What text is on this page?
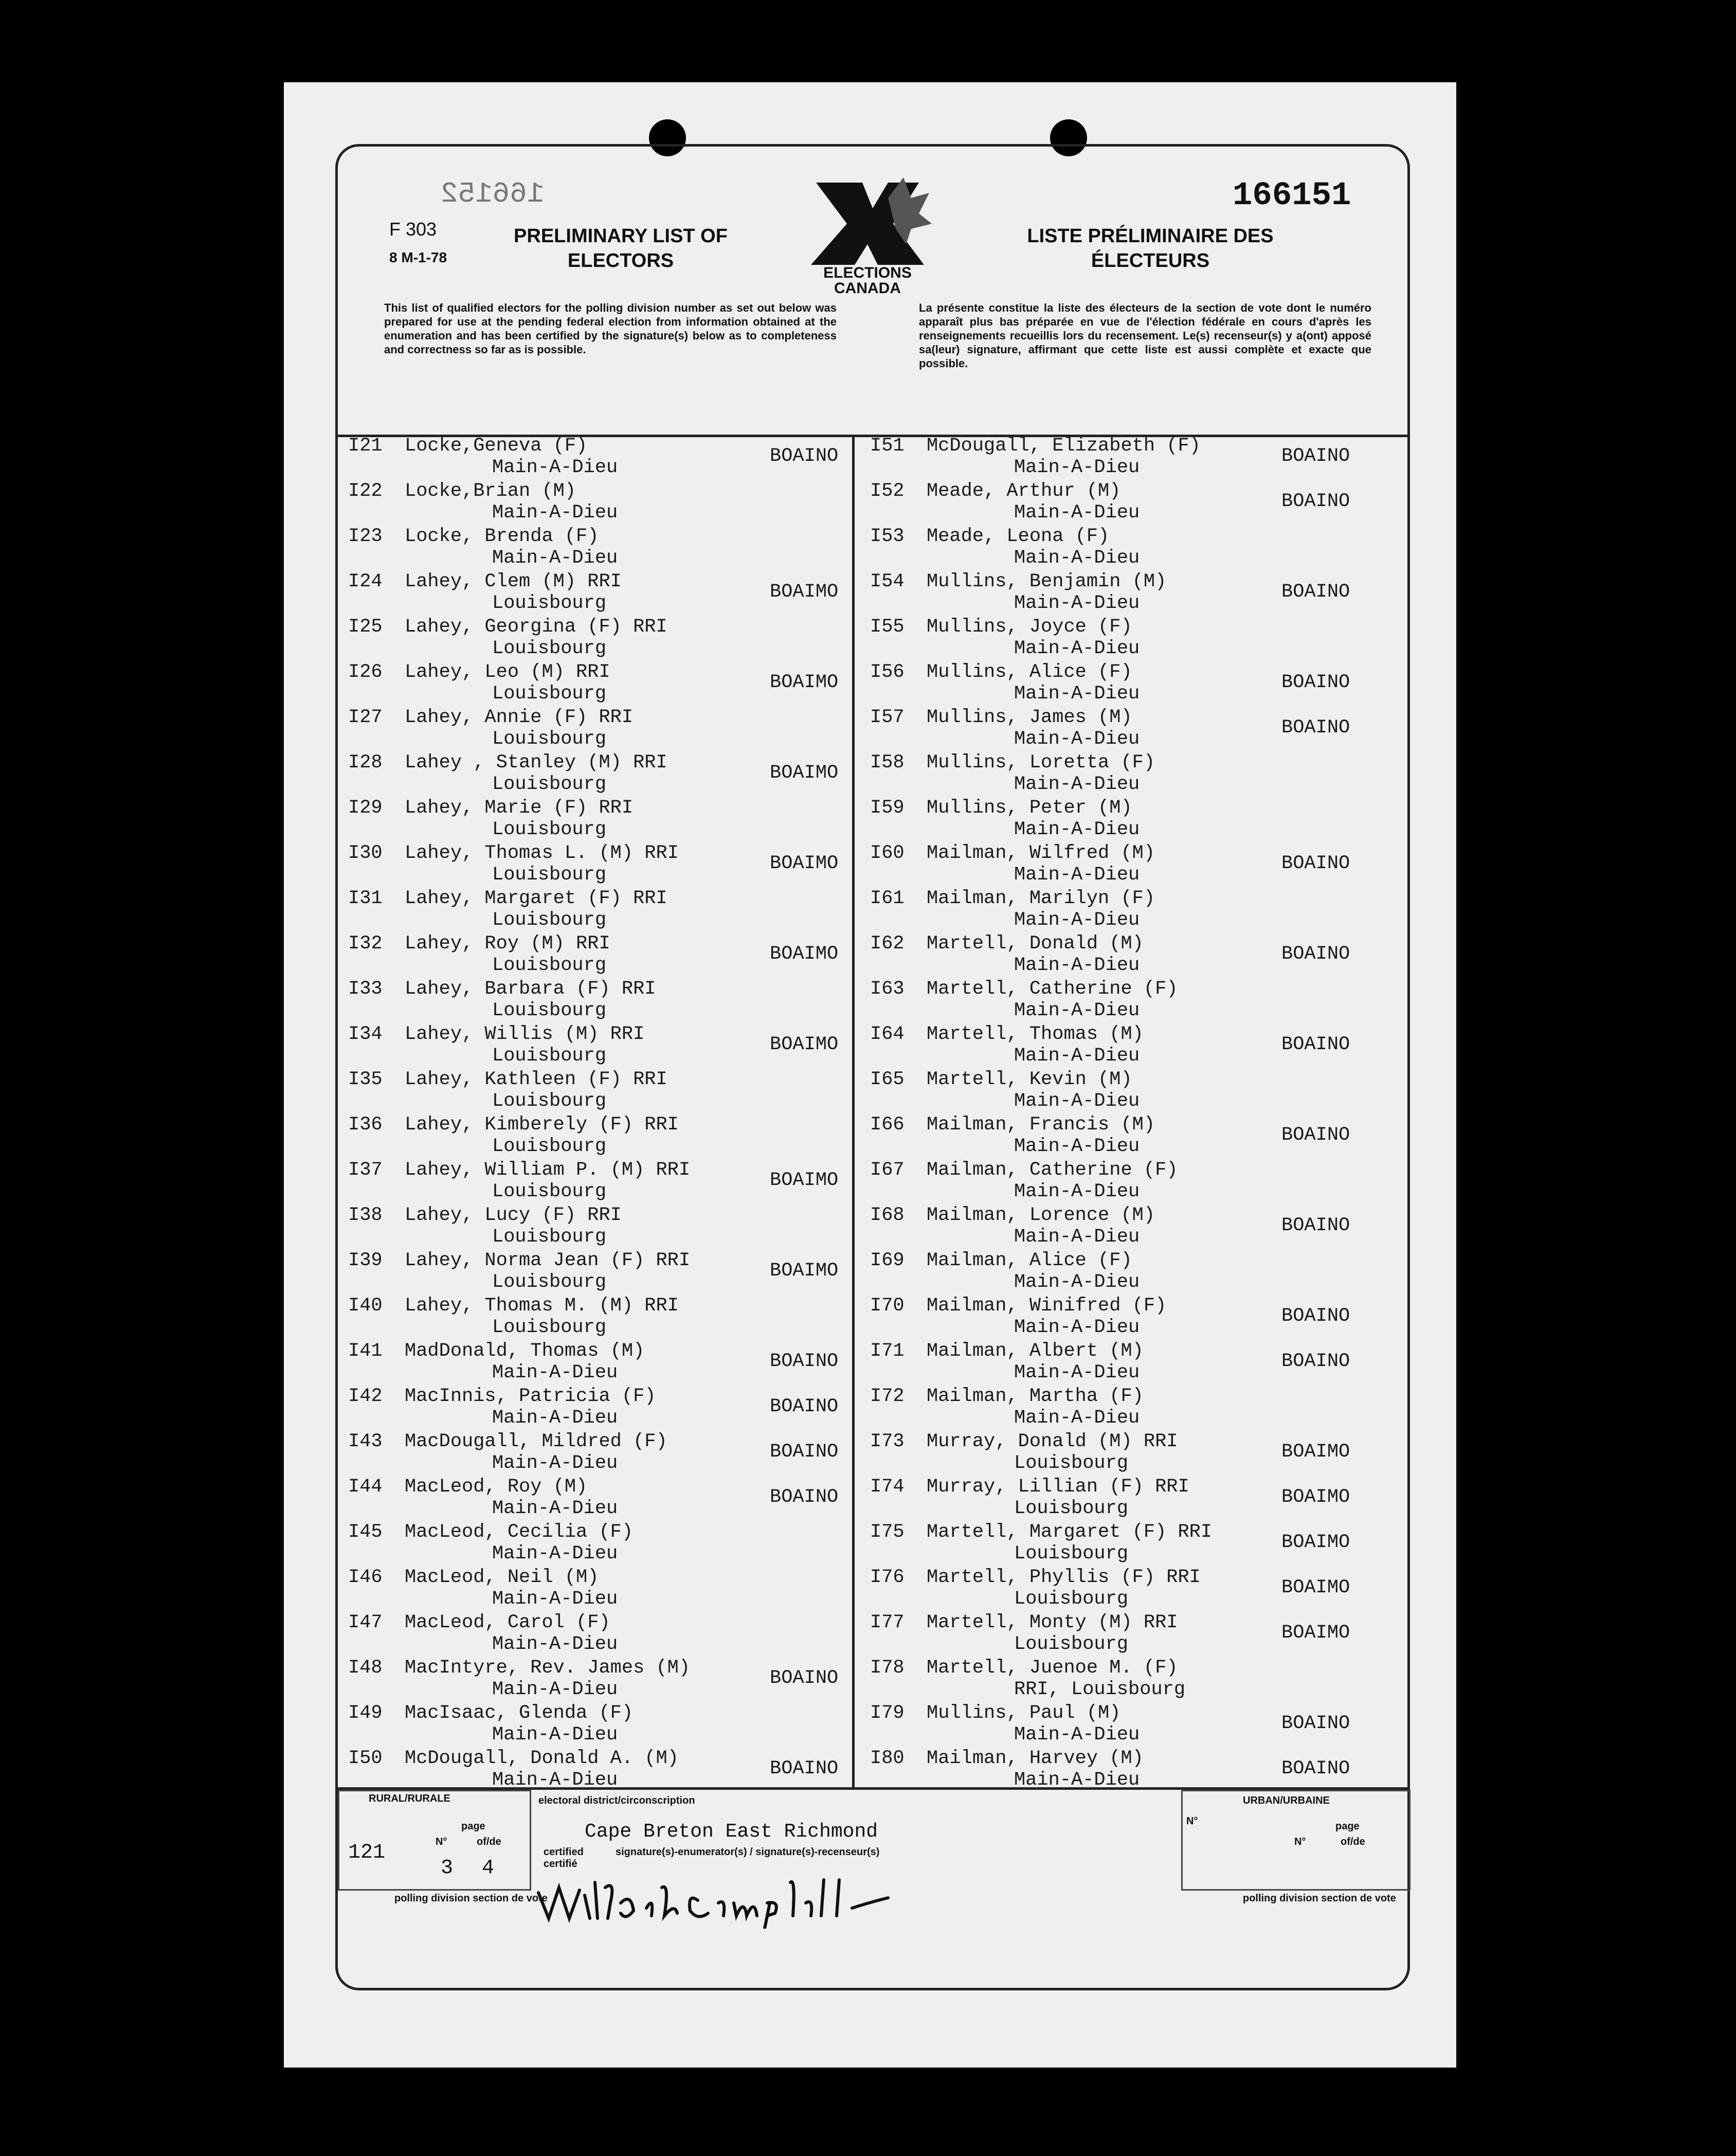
166152
F 303
8 M-1-78
PRELIMINARY LIST OF ELECTORS
ELECTIONS
CANADA
LISTE PRÉLIMINAIRE DES ÉLECTEURS
166151
This list of qualified electors for the polling division number as set out below was prepared for use at the pending federal election from information obtained at the enumeration and has been certified by the signature(s) below as to completeness and correctness so far as is possible.
La présente constitue la liste des électeurs de la section de vote dont le numéro apparaît plus bas préparée en vue de l'élection fédérale en cours d'après les renseignements recueillis lors du recensement. Le(s) recenseur(s) y a(ont) apposé sa(leur) signature, affirmant que cette liste est aussi complète et exacte que possible.
I21 Locke,Geneva (F)
Main-A-Dieu
BOAINO
I22 Locke,Brian (M)
Main-A-Dieu
I23 Locke, Brenda (F)
Main-A-Dieu
I24 Lahey, Clem (M) RRI
Louisbourg
BOAIMO
I25 Lahey, Georgina (F) RRI
Louisbourg
I26 Lahey, Leo (M) RRI
Louisbourg
BOAIMO
I27 Lahey, Annie (F) RRI
Louisbourg
I28 Lahey , Stanley (M) RRI
Louisbourg
BOAIMO
I29 Lahey, Marie (F) RRI
Louisbourg
I30 Lahey, Thomas L. (M) RRI
Louisbourg
BOAIMO
I31 Lahey, Margaret (F) RRI
Louisbourg
I32 Lahey, Roy (M) RRI
Louisbourg
BOAIMO
I33 Lahey, Barbara (F) RRI
Louisbourg
I34 Lahey, Willis (M) RRI
Louisbourg
BOAIMO
I35 Lahey, Kathleen (F) RRI
Louisbourg
I36 Lahey, Kimberely (F) RRI
Louisbourg
I37 Lahey, William P. (M) RRI
Louisbourg
BOAIMO
I38 Lahey, Lucy (F) RRI
Louisbourg
I39 Lahey, Norma Jean (F) RRI
Louisbourg
BOAIMO
I40 Lahey, Thomas M. (M) RRI
Louisbourg
I41 MadDonald, Thomas (M)
Main-A-Dieu
BOAINO
I42 MacInnis, Patricia (F)
Main-A-Dieu
BOAINO
I43 MacDougall, Mildred (F)
Main-A-Dieu
BOAINO
I44 MacLeod, Roy (M)
Main-A-Dieu
BOAINO
I45 MacLeod, Cecilia (F)
Main-A-Dieu
I46 MacLeod, Neil (M)
Main-A-Dieu
I47 MacLeod, Carol (F)
Main-A-Dieu
I48 MacIntyre, Rev. James (M)
Main-A-Dieu
BOAINO
I49 MacIsaac, Glenda (F)
Main-A-Dieu
I50 McDougall, Donald A. (M)
Main-A-Dieu
BOAINO
I51 McDougall, Elizabeth (F)
Main-A-Dieu
BOAINO
I52 Meade, Arthur (M)
Main-A-Dieu
BOAINO
I53 Meade, Leona (F)
Main-A-Dieu
I54 Mullins, Benjamin (M)
Main-A-Dieu
BOAINO
I55 Mullins, Joyce (F)
Main-A-Dieu
I56 Mullins, Alice (F)
Main-A-Dieu
BOAINO
I57 Mullins, James (M)
Main-A-Dieu
BOAINO
I58 Mullins, Loretta (F)
Main-A-Dieu
I59 Mullins, Peter (M)
Main-A-Dieu
I60 Mailman, Wilfred (M)
Main-A-Dieu
BOAINO
I61 Mailman, Marilyn (F)
Main-A-Dieu
I62 Martell, Donald (M)
Main-A-Dieu
BOAINO
I63 Martell, Catherine (F)
Main-A-Dieu
I64 Martell, Thomas (M)
Main-A-Dieu
BOAINO
I65 Martell, Kevin (M)
Main-A-Dieu
I66 Mailman, Francis (M)
Main-A-Dieu
BOAINO
I67 Mailman, Catherine (F)
Main-A-Dieu
I68 Mailman, Lorence (M)
Main-A-Dieu
BOAINO
I69 Mailman, Alice (F)
Main-A-Dieu
I70 Mailman, Winifred (F)
Main-A-Dieu
BOAINO
I71 Mailman, Albert (M)
Main-A-Dieu
BOAINO
I72 Mailman, Martha (F)
Main-A-Dieu
I73 Murray, Donald (M) RRI
Louisbourg
BOAIMO
I74 Murray, Lillian (F) RRI
Louisbourg
BOAIMO
I75 Martell, Margaret (F) RRI
Louisbourg
BOAIMO
I76 Martell, Phyllis (F) RRI
Louisbourg
BOAIMO
I77 Martell, Monty (M) RRI
Louisbourg
BOAIMO
I78 Martell, Juenoe M. (F)
RRI, Louisbourg
I79 Mullins, Paul (M)
Main-A-Dieu
BOAINO
I80 Mailman, Harvey (M)
Main-A-Dieu
BOAINO
RURAL/RURALE
page
N°	of/de
121
3 4
polling division section de vote
electoral district/circonscription
Cape Breton East Richmond
certified certifié
signature(s)-enumerator(s) / signature(s)-recenseur(s)
Wilfred Campbell
URBAN/URBAINE
N°	page
N°	of/de
polling division section de vote
